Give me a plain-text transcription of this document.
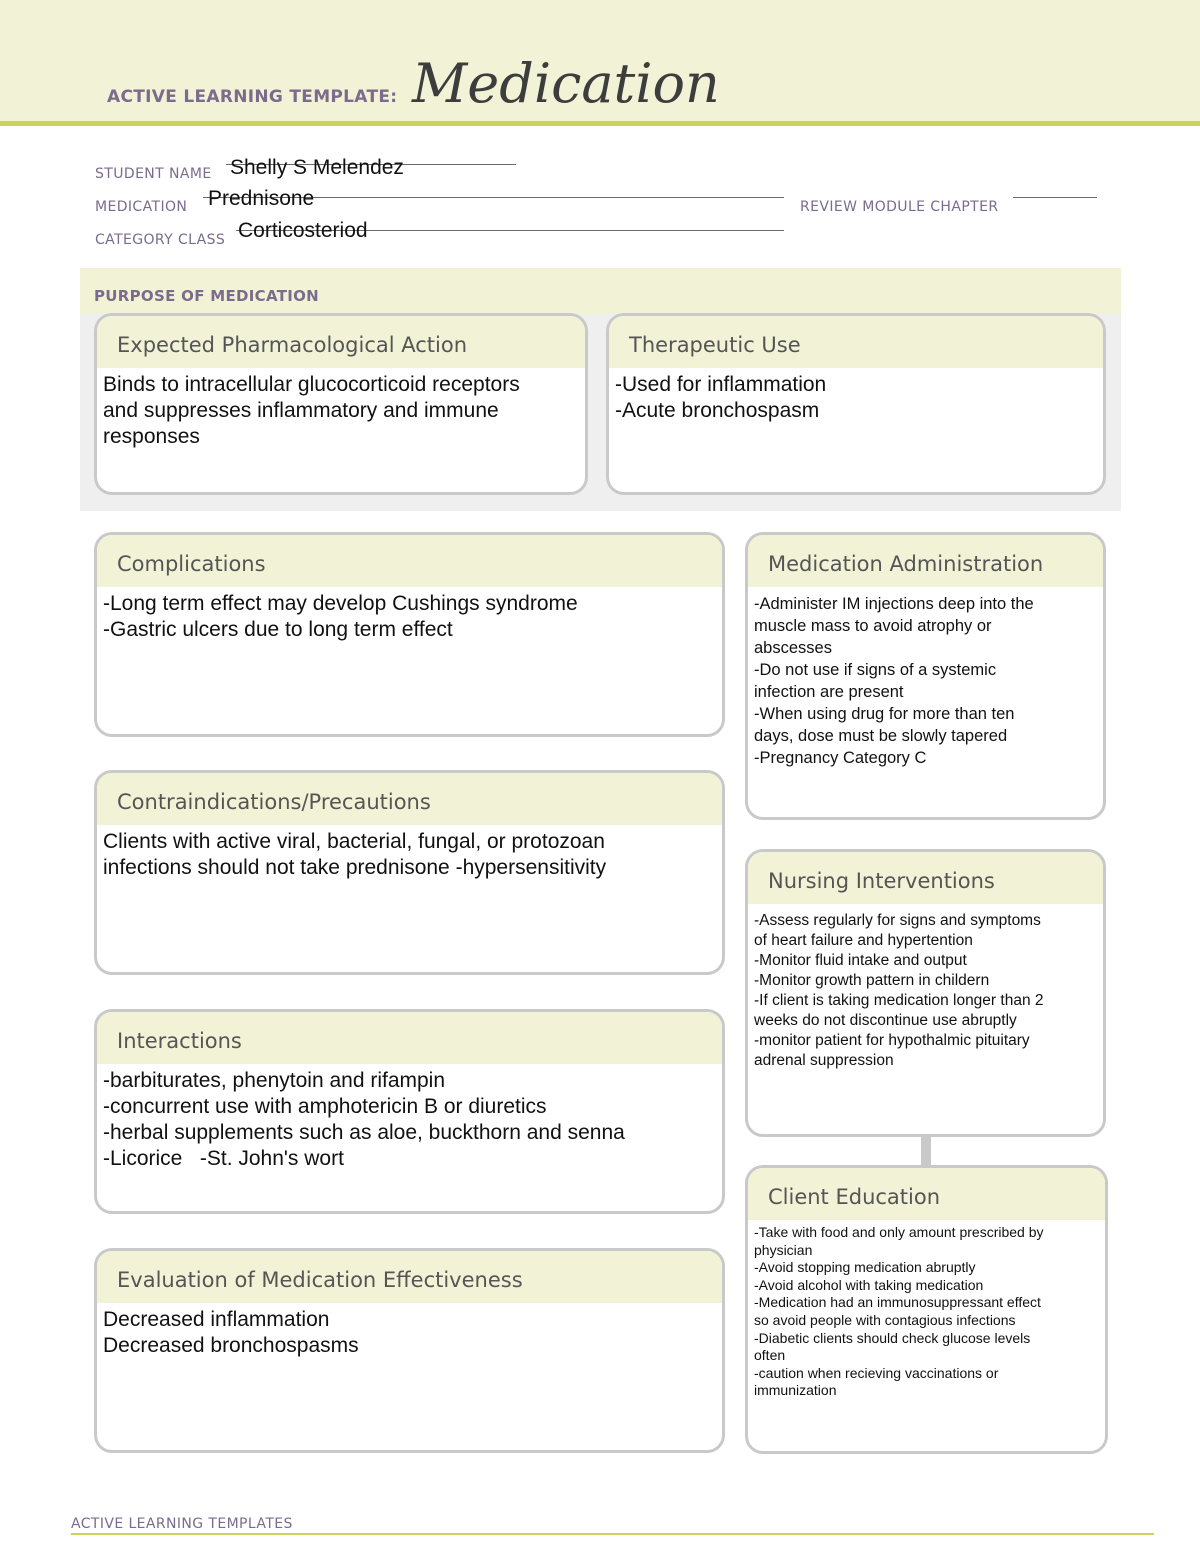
ACTIVE LEARNING TEMPLATE: Medication
STUDENT NAME Shelly S Melendez
MEDICATION Prednisone	REVIEW MODULE CHAPTER
CATEGORY CLASS Corticosteriod
PURPOSE OF MEDICATION
Expected Pharmacological Action
Binds to intracellular glucocorticoid receptors
and suppresses inflammatory and immune
responses
Therapeutic Use
-Used for inflammation
-Acute bronchospasm
Complications
-Long term effect may develop Cushings syndrome
-Gastric ulcers due to long term effect
Medication Administration
-Administer IM injections deep into the
muscle mass to avoid atrophy or
abscesses
-Do not use if signs of a systemic
infection are present
-When using drug for more than ten
days, dose must be slowly tapered
-Pregnancy Category C
Contraindications/Precautions
Clients with active viral, bacterial, fungal, or protozoan
infections should not take prednisone -hypersensitivity
Nursing Interventions
-Assess regularly for signs and symptoms
of heart failure and hypertention
-Monitor fluid intake and output
-Monitor growth pattern in childern
-If client is taking medication longer than 2
weeks do not discontinue use abruptly
-monitor patient for hypothalmic pituitary
adrenal suppression
Interactions
-barbiturates, phenytoin and rifampin
-concurrent use with amphotericin B or diuretics
-herbal supplements such as aloe, buckthorn and senna
-Licorice   -St. John's wort
Client Education
-Take with food and only amount prescribed by
physician
-Avoid stopping medication abruptly
-Avoid alcohol with taking medication
-Medication had an immunosuppressant effect
so avoid people with contagious infections
-Diabetic clients should check glucose levels
often
-caution when recieving vaccinations or
immunization
Evaluation of Medication Effectiveness
Decreased inflammation
Decreased bronchospasms
ACTIVE LEARNING TEMPLATES
